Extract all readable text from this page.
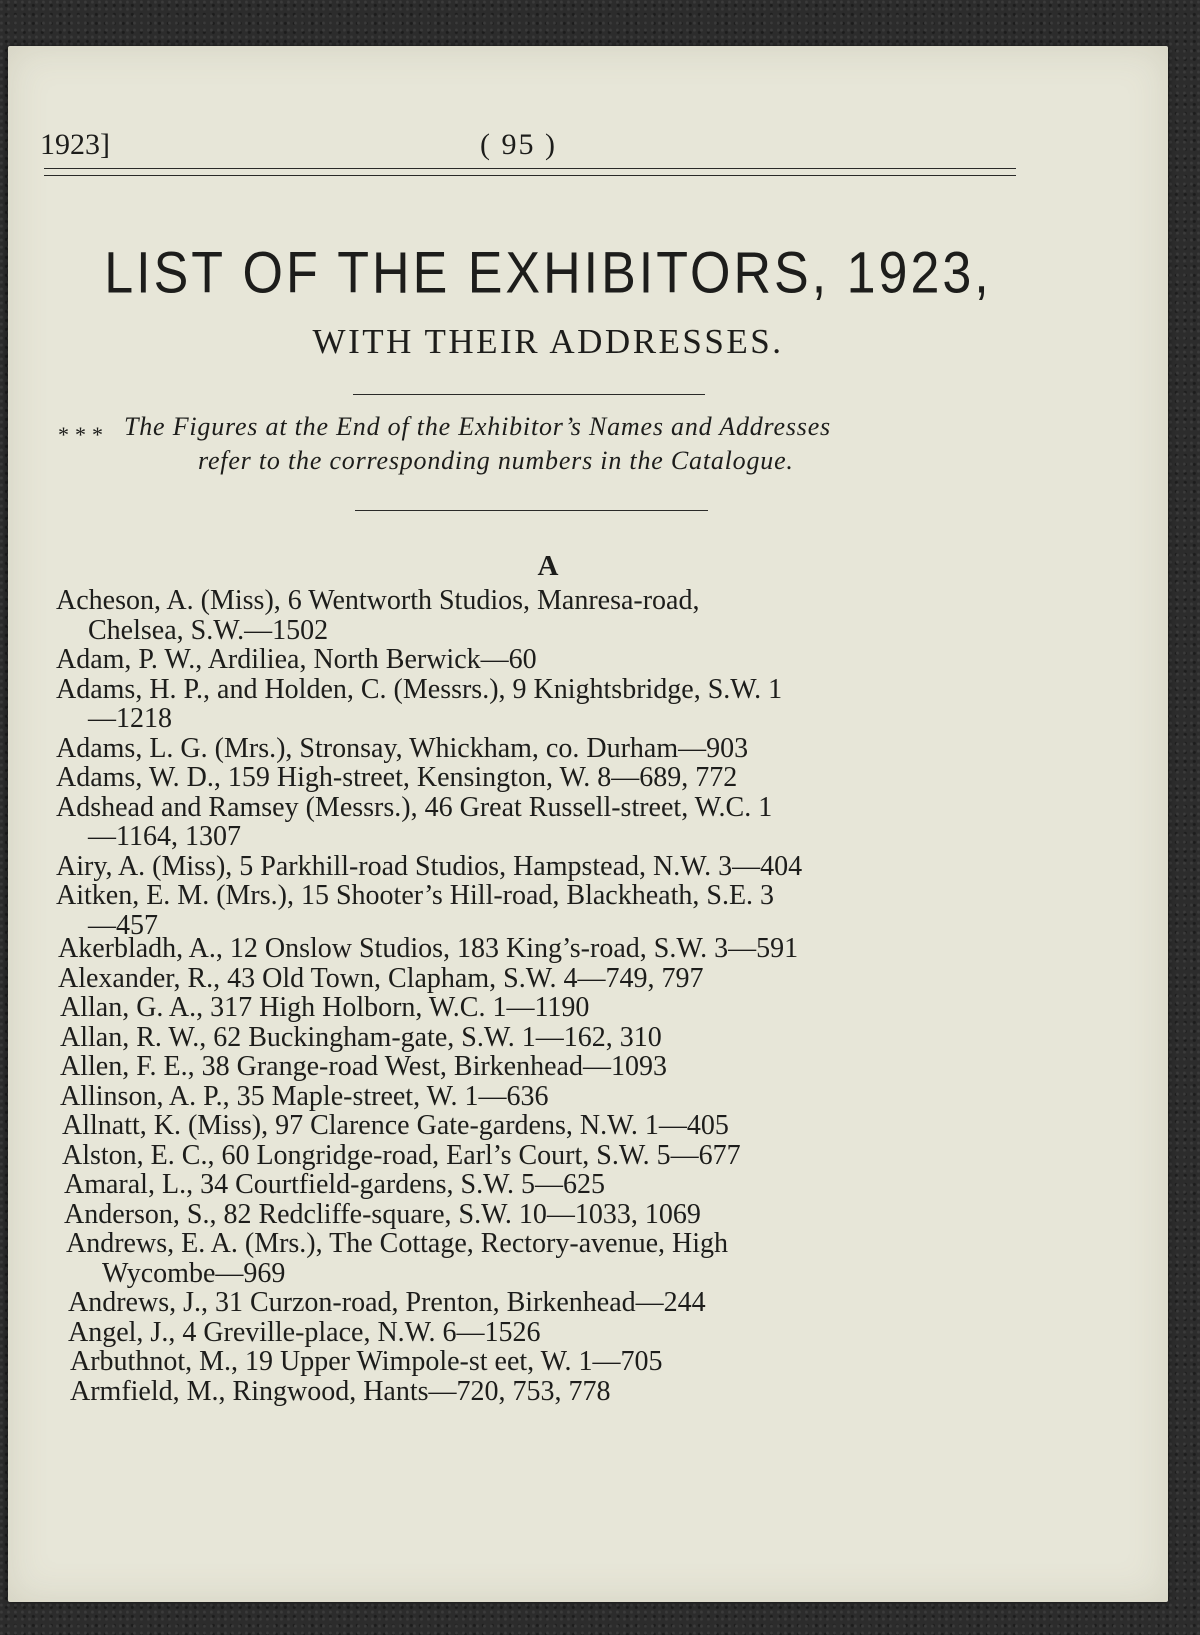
1923]	( 95 )
LIST OF THE EXHIBITORS, 1923,
WITH THEIR ADDRESSES.
* * * The Figures at the End of the Exhibitor’s Names and Addresses
refer to the corresponding numbers in the Catalogue.
A
Acheson, A. (Miss), 6 Wentworth Studios, Manresa-road,
Chelsea, S.W.—1502
Adam, P. W., Ardiliea, North Berwick—60
Adams, H. P., and Holden, C. (Messrs.), 9 Knightsbridge, S.W. 1
—1218
Adams, L. G. (Mrs.), Stronsay, Whickham, co. Durham—903
Adams, W. D., 159 High-street, Kensington, W. 8—689, 772
Adshead and Ramsey (Messrs.), 46 Great Russell-street, W.C. 1
—1164, 1307
Airy, A. (Miss), 5 Parkhill-road Studios, Hampstead, N.W. 3—404
Aitken, E. M. (Mrs.), 15 Shooter’s Hill-road, Blackheath, S.E. 3
—457
Akerbladh, A., 12 Onslow Studios, 183 King’s-road, S.W. 3—591
Alexander, R., 43 Old Town, Clapham, S.W. 4—749, 797
Allan, G. A., 317 High Holborn, W.C. 1—1190
Allan, R. W., 62 Buckingham-gate, S.W. 1—162, 310
Allen, F. E., 38 Grange-road West, Birkenhead—1093
Allinson, A. P., 35 Maple-street, W. 1—636
Allnatt, K. (Miss), 97 Clarence Gate-gardens, N.W. 1—405
Alston, E. C., 60 Longridge-road, Earl’s Court, S.W. 5—677
Amaral, L., 34 Courtfield-gardens, S.W. 5—625
Anderson, S., 82 Redcliffe-square, S.W. 10—1033, 1069
Andrews, E. A. (Mrs.), The Cottage, Rectory-avenue, High
Wycombe—969
Andrews, J., 31 Curzon-road, Prenton, Birkenhead—244
Angel, J., 4 Greville-place, N.W. 6—1526
Arbuthnot, M., 19 Upper Wimpole-st eet, W. 1—705
Armfield, M., Ringwood, Hants—720, 753, 778
